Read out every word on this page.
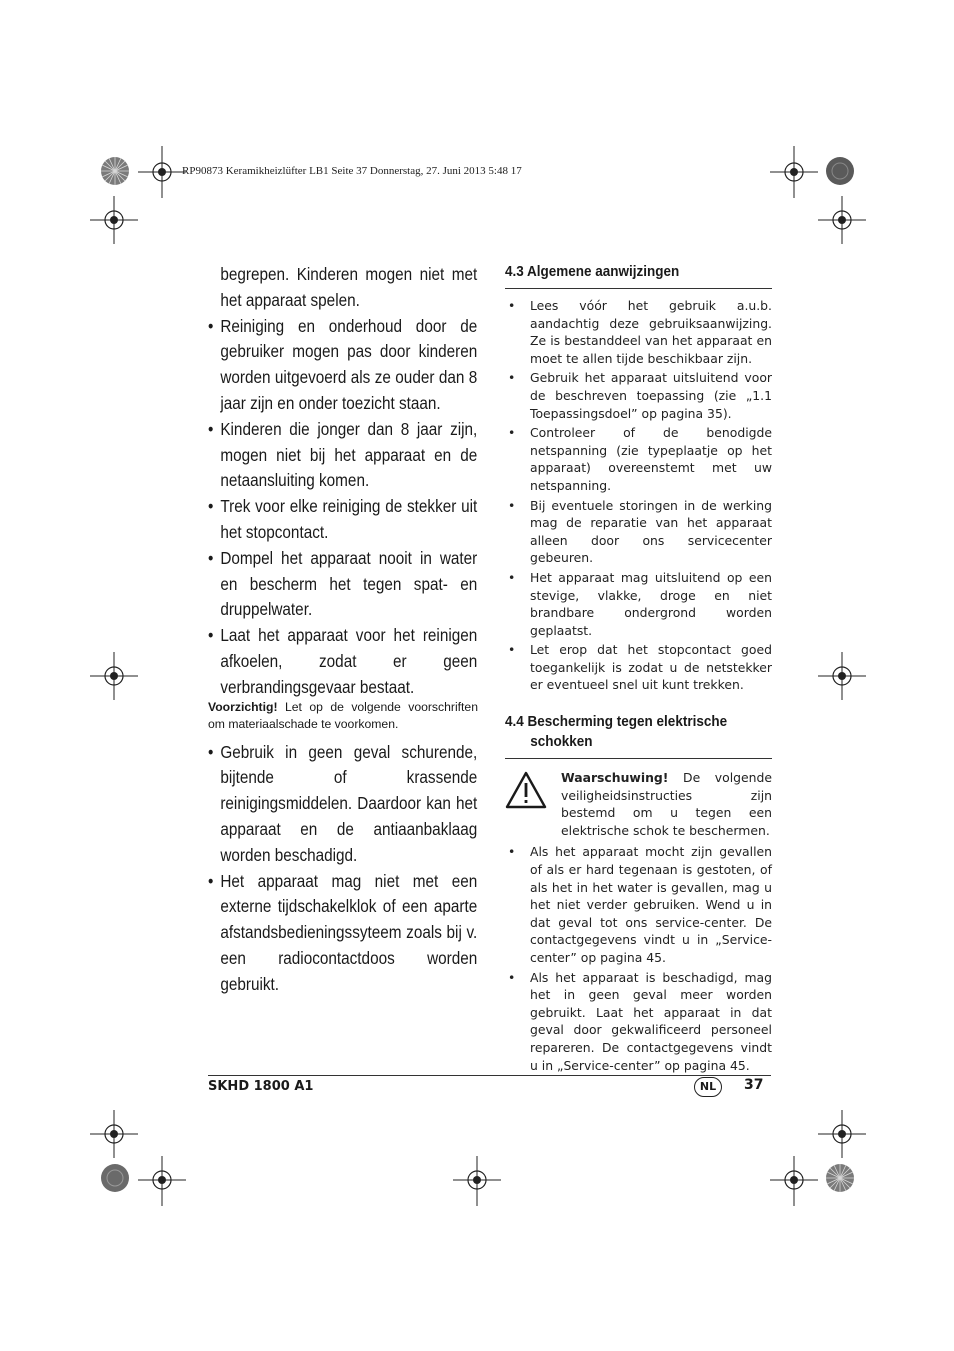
RP90873 Keramikheizlüfter LB1 Seite 37 Donnerstag, 27. Juni 2013 5:48 17
begrepen. Kinderen mogen niet met het apparaat spelen.
• Reiniging en onderhoud door de gebruiker mogen pas door kinderen worden uitgevoerd als ze ouder dan 8 jaar zijn en onder toezicht staan.
• Kinderen die jonger dan 8 jaar zijn, mogen niet bij het apparaat en de netaansluiting komen.
• Trek voor elke reiniging de stekker uit het stopcontact.
• Dompel het apparaat nooit in water en bescherm het tegen spat- en druppelwater.
• Laat het apparaat voor het reinigen afkoelen, zodat er geen verbrandingsgevaar bestaat.
Voorzichtig! Let op de volgende voorschriften om materiaalschade te voorkomen.
• Gebruik in geen geval schurende, bijtende of krassende reinigingsmiddelen. Daardoor kan het apparaat en de antiaanbaklaag worden beschadigd.
• Het apparaat mag niet met een externe tijdschakelklok of een aparte afstandsbedieningssyteem zoals bij v. een radiocontactdoos worden gebruikt.
4.3 Algemene aanwijzingen
•	Lees vóór het gebruik a.u.b. aandachtig deze gebruiksaanwijzing. Ze is bestanddeel van het apparaat en moet te allen tijde beschikbaar zijn.
•	Gebruik het apparaat uitsluitend voor de beschreven toepassing (zie „1.1 Toepassingsdoel” op pagina 35).
•	Controleer of de benodigde netspanning (zie typeplaatje op het apparaat) overeenstemt met uw netspanning.
•	Bij eventuele storingen in de werking mag de reparatie van het apparaat alleen door ons servicecenter gebeuren.
•	Het apparaat mag uitsluitend op een stevige, vlakke, droge en niet brandbare ondergrond worden geplaatst.
•	Let erop dat het stopcontact goed toegankelijk is zodat u de netstekker er eventueel snel uit kunt trekken.
4.4 Bescherming tegen elektrische
schokken
Waarschuwing! De volgende veiligheidsinstructies zijn bestemd om u tegen een elektrische schok te beschermen.
•	Als het apparaat mocht zijn gevallen of als er hard tegenaan is gestoten, of als het in het water is gevallen, mag u het niet verder gebruiken. Wend u in dat geval tot ons service-center. De contactgegevens vindt u in „Service-center” op pagina 45.
•	Als het apparaat is beschadigd, mag het in geen geval meer worden gebruikt. Laat het apparaat in dat geval door gekwalificeerd personeel repareren. De contactgegevens vindt u in „Service-center” op pagina 45.
SKHD 1800 A1	NL	37
